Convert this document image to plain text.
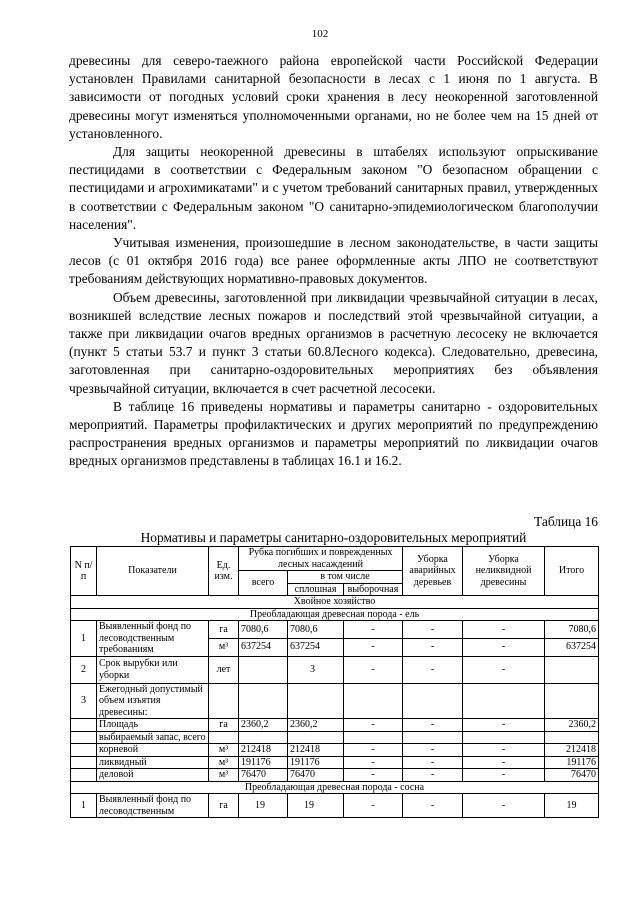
102

древесины для северо-таежного района европейской части Российской Федерации установлен Правилами санитарной безопасности в лесах с 1 июня по 1 августа. В зависимости от погодных условий сроки хранения в лесу неокоренной заготовленной древесины могут изменяться уполномоченными органами, но не более чем на 15 дней от установленного.

Для защиты неокоренной древесины в штабелях используют опрыскивание пестицидами в соответствии с Федеральным законом "О безопасном обращении с пестицидами и агрохимикатами" и с учетом требований санитарных правил, утвержденных в соответствии с Федеральным законом "О санитарно-эпидемиологическом благополучии населения".

Учитывая изменения, произошедшие в лесном законодательстве, в части защиты лесов (с 01 октября 2016 года) все ранее оформленные акты ЛПО не соответствуют требованиям действующих нормативно-правовых документов.

Объем древесины, заготовленной при ликвидации чрезвычайной ситуации в лесах, возникшей вследствие лесных пожаров и последствий этой чрезвычайной ситуации, а также при ликвидации очагов вредных организмов в расчетную лесосеку не включается (пункт 5 статьи 53.7 и пункт 3 статьи 60.8Лесного кодекса). Следовательно, древесина, заготовленная при санитарно-оздоровительных мероприятиях без объявления чрезвычайной ситуации, включается в счет расчетной лесосеки.

В таблице 16 приведены нормативы и параметры санитарно - оздоровительных мероприятий. Параметры профилактических и других мероприятий по предупреждению распространения вредных организмов и параметры мероприятий по ликвидации очагов вредных организмов представлены в таблицах 16.1 и 16.2.

Таблица 16
Нормативы и параметры санитарно-оздоровительных мероприятий
N п/п	Показатели	Ед. изм.	Рубка погибших и поврежденных лесных насаждений			Уборка аварийных деревьев	Уборка неликвидной древесины	Итого
			всего	в том числе				
				сплошная	выборочная			
Хвойное хозяйство								
Преобладающая древесная порода - ель								
1	Выявленный фонд по лесоводственным требованиям	га	7080,6	7080,6	-	-	-	7080,6
		м³	637254	637254	-	-	-	637254
2	Срок вырубки или уборки	лет		3	-	-	-	
3	Ежегодный допустимый объем изъятия древесины:							
	Площадь	га	2360,2	2360,2	-	-	-	2360,2
	выбираемый запас, всего							
	корневой	м³	212418	212418	-	-	-	212418
	ликвидный	м³	191176	191176	-	-	-	191176
	деловой	м³	76470	76470	-	-	-	76470
Преобладающая древесная порода - сосна								
1	Выявленный фонд по лесоводственным	га	19	19	-	-	-	19
